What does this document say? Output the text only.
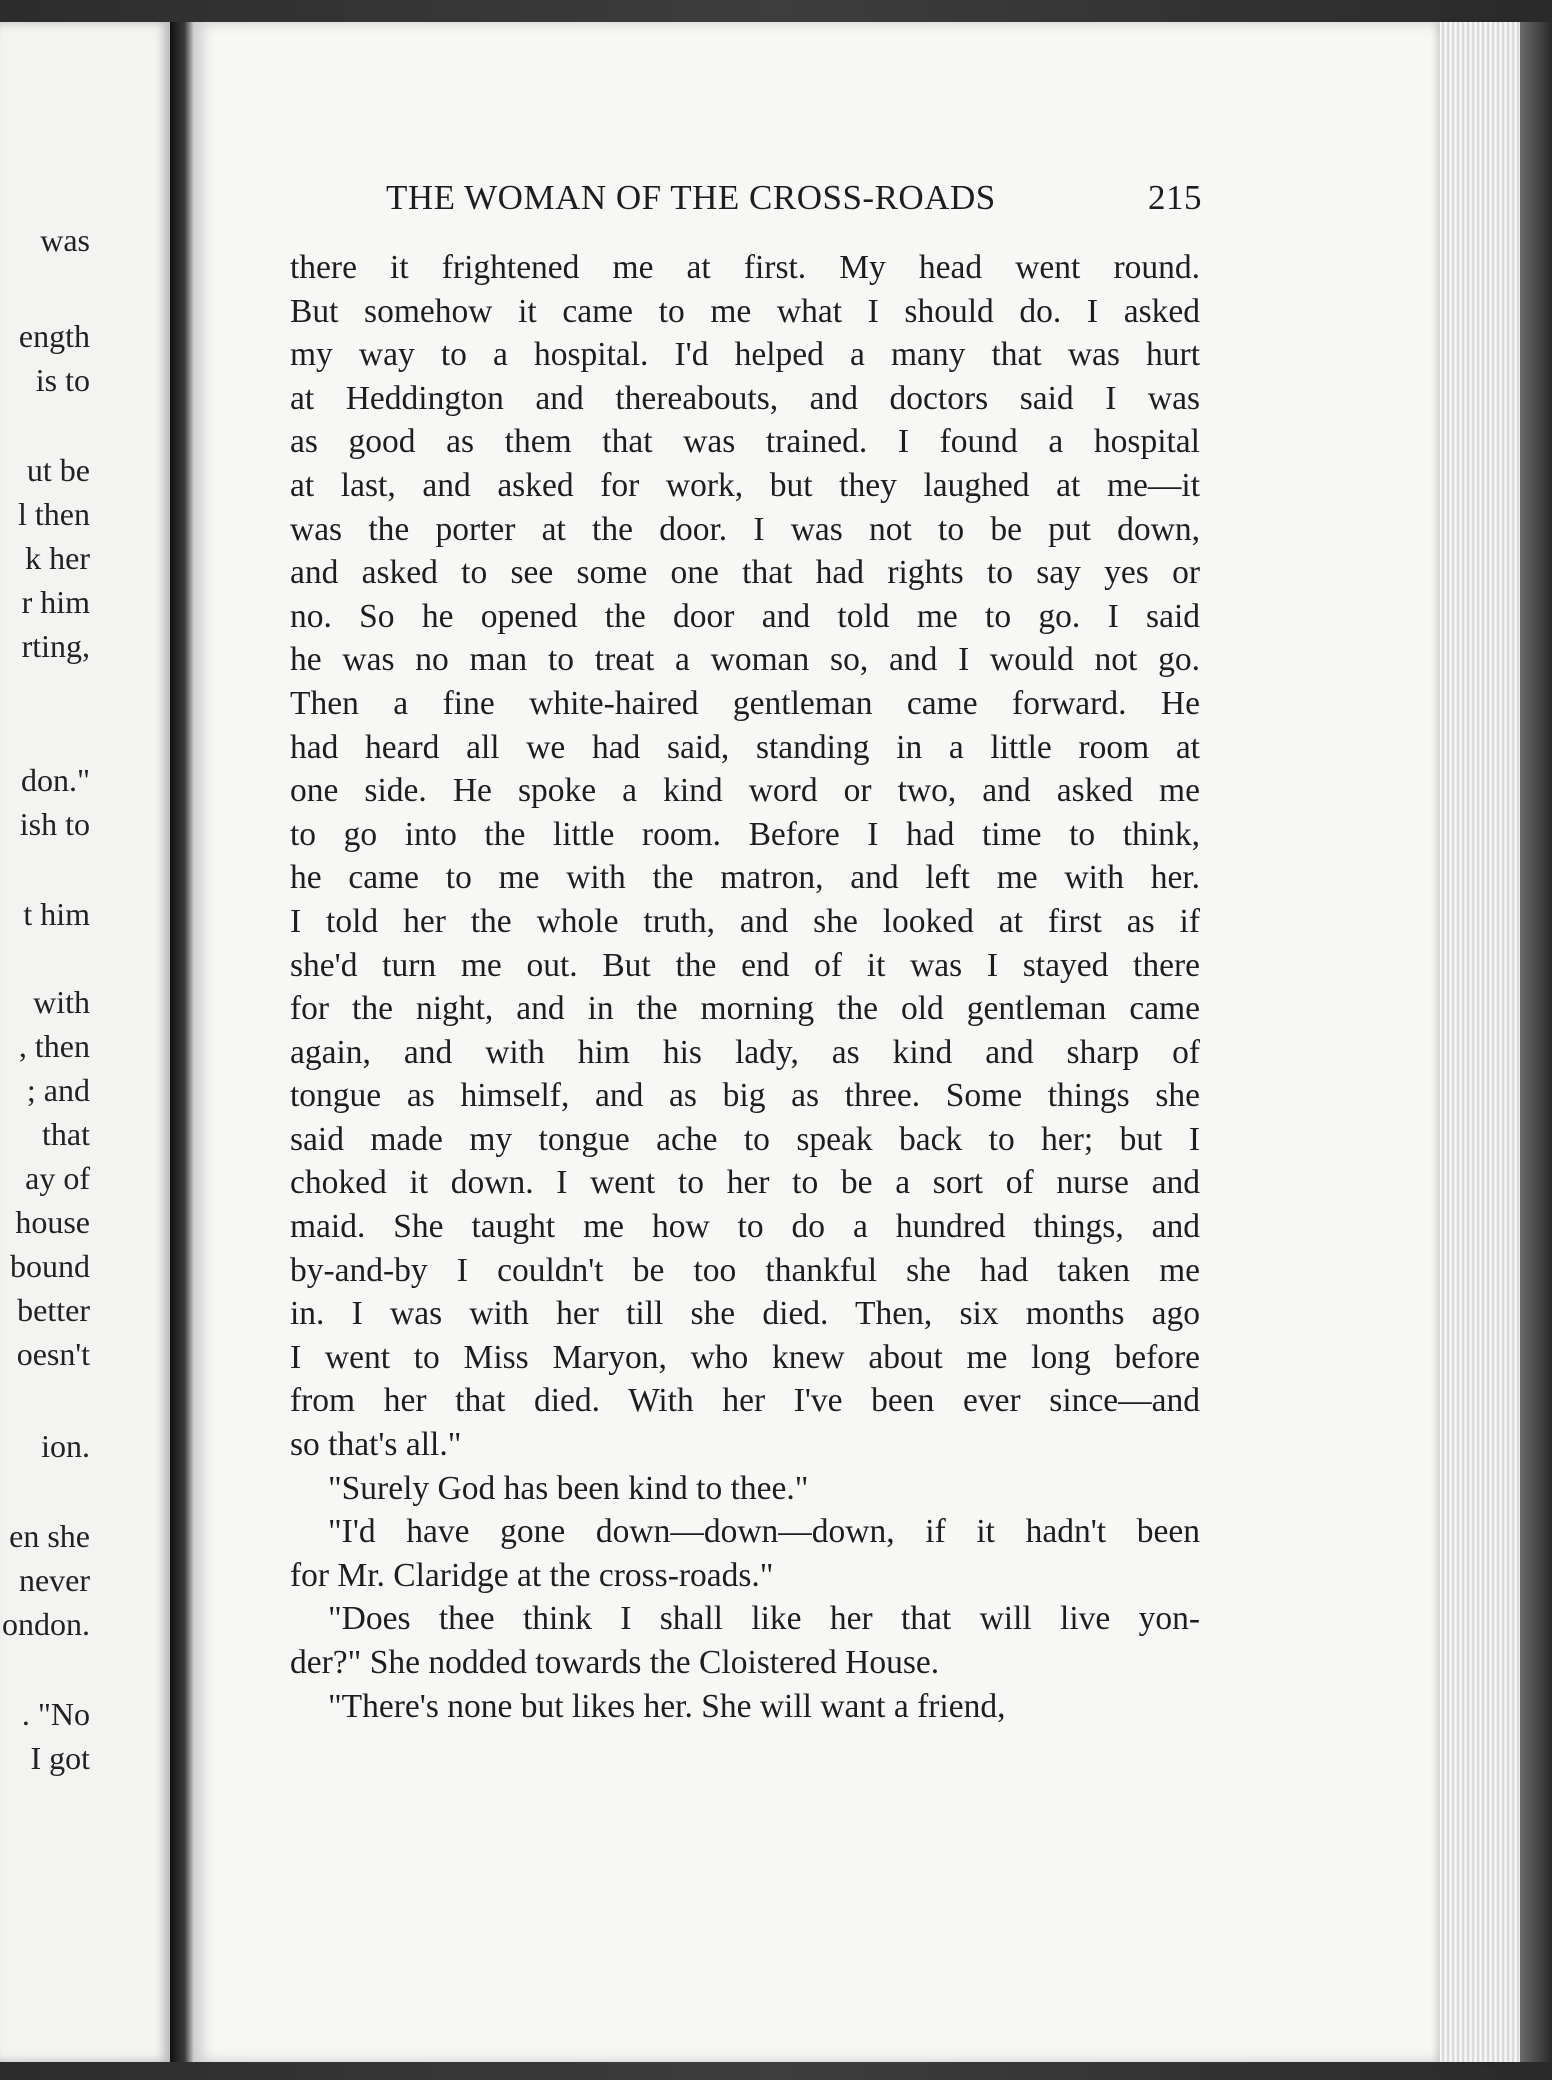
was
ength
is to
ut be
l then
k her
r him
rting,
don."
ish to
t him
with
, then
; and
that
ay of
house
bound
better
oesn't
ion.
en she
never
ondon.
. "No
I got
THE WOMAN OF THE CROSS-ROADS	215
there it frightened me at first. My head went round.
But somehow it came to me what I should do. I asked
my way to a hospital. I'd helped a many that was hurt
at Heddington and thereabouts, and doctors said I was
as good as them that was trained. I found a hospital
at last, and asked for work, but they laughed at me—it
was the porter at the door. I was not to be put down,
and asked to see some one that had rights to say yes or
no. So he opened the door and told me to go. I said
he was no man to treat a woman so, and I would not go.
Then a fine white-haired gentleman came forward. He
had heard all we had said, standing in a little room at
one side. He spoke a kind word or two, and asked me
to go into the little room. Before I had time to think,
he came to me with the matron, and left me with her.
I told her the whole truth, and she looked at first as if
she'd turn me out. But the end of it was I stayed there
for the night, and in the morning the old gentleman came
again, and with him his lady, as kind and sharp of
tongue as himself, and as big as three. Some things she
said made my tongue ache to speak back to her; but I
choked it down. I went to her to be a sort of nurse and
maid. She taught me how to do a hundred things, and
by-and-by I couldn't be too thankful she had taken me
in. I was with her till she died. Then, six months ago
I went to Miss Maryon, who knew about me long before
from her that died. With her I've been ever since—and
so that's all."
"Surely God has been kind to thee."
"I'd have gone down—down—down, if it hadn't been
for Mr. Claridge at the cross-roads."
"Does thee think I shall like her that will live yon-
der?" She nodded towards the Cloistered House.
"There's none but likes her. She will want a friend,
